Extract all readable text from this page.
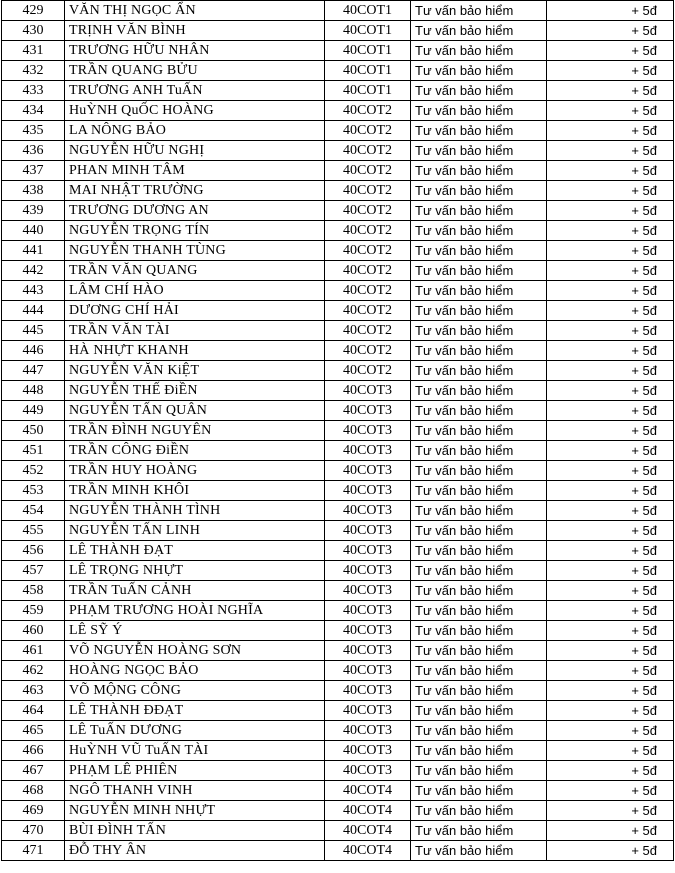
429	VĂN THỊ NGỌC ẨN	40COT1	Tư vấn bảo hiểm	+ 5đ
430	TRỊNH VĂN BÌNH	40COT1	Tư vấn bảo hiểm	+ 5đ
431	TRƯƠNG HỮU NHÂN	40COT1	Tư vấn bảo hiểm	+ 5đ
432	TRẦN QUANG BỬU	40COT1	Tư vấn bảo hiểm	+ 5đ
433	TRƯƠNG ANH TuẤN	40COT1	Tư vấn bảo hiểm	+ 5đ
434	HuỲNH QuỐC HOÀNG	40COT2	Tư vấn bảo hiểm	+ 5đ
435	LA NÔNG BẢO	40COT2	Tư vấn bảo hiểm	+ 5đ
436	NGUYỄN HỮU NGHỊ	40COT2	Tư vấn bảo hiểm	+ 5đ
437	PHAN MINH TÂM	40COT2	Tư vấn bảo hiểm	+ 5đ
438	MAI NHẬT TRƯỜNG	40COT2	Tư vấn bảo hiểm	+ 5đ
439	TRƯƠNG DƯƠNG AN	40COT2	Tư vấn bảo hiểm	+ 5đ
440	NGUYỄN TRỌNG TÍN	40COT2	Tư vấn bảo hiểm	+ 5đ
441	NGUYỄN THANH TÙNG	40COT2	Tư vấn bảo hiểm	+ 5đ
442	TRẦN VĂN QUANG	40COT2	Tư vấn bảo hiểm	+ 5đ
443	LÂM CHÍ HÀO	40COT2	Tư vấn bảo hiểm	+ 5đ
444	DƯƠNG CHÍ HẢI	40COT2	Tư vấn bảo hiểm	+ 5đ
445	TRẦN VĂN TÀI	40COT2	Tư vấn bảo hiểm	+ 5đ
446	HÀ NHỰT KHANH	40COT2	Tư vấn bảo hiểm	+ 5đ
447	NGUYỄN VĂN KiỆT	40COT2	Tư vấn bảo hiểm	+ 5đ
448	NGUYỄN THẾ ĐiỀN	40COT3	Tư vấn bảo hiểm	+ 5đ
449	NGUYỄN TẤN QUÂN	40COT3	Tư vấn bảo hiểm	+ 5đ
450	TRẦN ĐÌNH NGUYÊN	40COT3	Tư vấn bảo hiểm	+ 5đ
451	TRẦN CÔNG ĐiỀN	40COT3	Tư vấn bảo hiểm	+ 5đ
452	TRẦN HUY HOÀNG	40COT3	Tư vấn bảo hiểm	+ 5đ
453	TRẦN MINH KHÔI	40COT3	Tư vấn bảo hiểm	+ 5đ
454	NGUYỄN THÀNH TÌNH	40COT3	Tư vấn bảo hiểm	+ 5đ
455	NGUYỄN TẤN LINH	40COT3	Tư vấn bảo hiểm	+ 5đ
456	LÊ THÀNH ĐẠT	40COT3	Tư vấn bảo hiểm	+ 5đ
457	LÊ TRỌNG NHỰT	40COT3	Tư vấn bảo hiểm	+ 5đ
458	TRẦN TuẤN CẢNH	40COT3	Tư vấn bảo hiểm	+ 5đ
459	PHẠM TRƯƠNG HOÀI NGHĨA	40COT3	Tư vấn bảo hiểm	+ 5đ
460	LÊ SỸ Ý	40COT3	Tư vấn bảo hiểm	+ 5đ
461	VÕ NGUYỄN HOÀNG SƠN	40COT3	Tư vấn bảo hiểm	+ 5đ
462	HOÀNG NGỌC BẢO	40COT3	Tư vấn bảo hiểm	+ 5đ
463	VÕ MỘNG CÔNG	40COT3	Tư vấn bảo hiểm	+ 5đ
464	LÊ THÀNH ĐĐẠT	40COT3	Tư vấn bảo hiểm	+ 5đ
465	LÊ TuẤN DƯƠNG	40COT3	Tư vấn bảo hiểm	+ 5đ
466	HuỲNH VŨ TuẤN TÀI	40COT3	Tư vấn bảo hiểm	+ 5đ
467	PHẠM LÊ PHIÊN	40COT3	Tư vấn bảo hiểm	+ 5đ
468	NGÔ THANH VINH	40COT4	Tư vấn bảo hiểm	+ 5đ
469	NGUYỄN MINH NHỰT	40COT4	Tư vấn bảo hiểm	+ 5đ
470	BÙI ĐÌNH TẤN	40COT4	Tư vấn bảo hiểm	+ 5đ
471	ĐỖ THY ÂN	40COT4	Tư vấn bảo hiểm	+ 5đ
